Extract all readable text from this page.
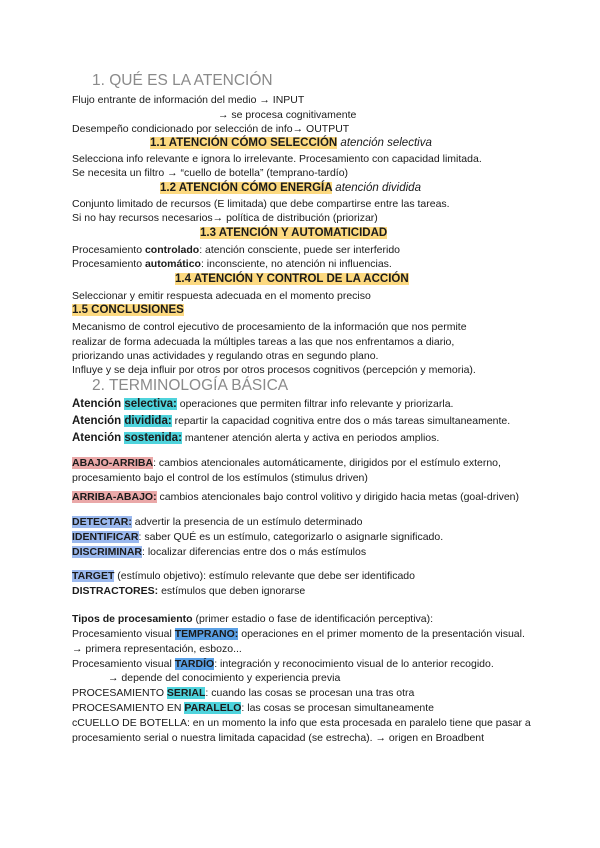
1. QUÉ ES LA ATENCIÓN
Flujo entrante de información del medio → INPUT
→ se procesa cognitivamente
Desempeño condicionado por selección de info→ OUTPUT
1.1 ATENCIÓN CÓMO SELECCIÓN atención selectiva
Selecciona info relevante e ignora lo irrelevante. Procesamiento con capacidad limitada.
Se necesita un filtro → “cuello de botella” (temprano-tardío)
1.2 ATENCIÓN CÓMO ENERGÍA atención dividida
Conjunto limitado de recursos (E limitada) que debe compartirse entre las tareas.
Si no hay recursos necesarios→ política de distribución (priorizar)
1.3 ATENCIÓN Y AUTOMATICIDAD
Procesamiento controlado: atención consciente, puede ser interferido
Procesamiento automático: inconsciente, no atención ni influencias.
1.4 ATENCIÓN Y CONTROL DE LA ACCIÓN
Seleccionar y emitir respuesta adecuada en el momento preciso
1.5 CONCLUSIONES
Mecanismo de control ejecutivo de procesamiento de la información que nos permite
realizar de forma adecuada la múltiples tareas a las que nos enfrentamos a diario,
priorizando unas actividades y regulando otras en segundo plano.
Influye y se deja influir por otros por otros procesos cognitivos (percepción y memoria).
2. TERMINOLOGÍA BÁSICA
Atención selectiva: operaciones que permiten filtrar info relevante y priorizarla.
Atención dividida: repartir la capacidad cognitiva entre dos o más tareas simultaneamente.
Atención sostenida: mantener atención alerta y activa en periodos amplios.
ABAJO-ARRIBA: cambios atencionales automáticamente, dirigidos por el estímulo externo,
procesamiento bajo el control de los estímulos (stimulus driven)
ARRIBA-ABAJO: cambios atencionales bajo control volitivo y dirigido hacia metas (goal-driven)
DETECTAR: advertir la presencia de un estímulo determinado
IDENTIFICAR: saber QUÉ es un estímulo, categorizarlo o asignarle significado.
DISCRIMINAR: localizar diferencias entre dos o más estímulos
TARGET (estímulo objetivo): estímulo relevante que debe ser identificado
DISTRACTORES: estímulos que deben ignorarse
Tipos de procesamiento (primer estadio o fase de identificación perceptiva):
Procesamiento visual TEMPRANO: operaciones en el primer momento de la presentación visual.
→ primera representación, esbozo...
Procesamiento visual TARDÍO: integración y reconocimiento visual de lo anterior recogido.
→ depende del conocimiento y experiencia previa
PROCESAMIENTO SERIAL: cuando las cosas se procesan una tras otra
PROCESAMIENTO EN PARALELO: las cosas se procesan simultaneamente
cCUELLO DE BOTELLA: en un momento la info que esta procesada en paralelo tiene que pasar a
procesamiento serial o nuestra limitada capacidad (se estrecha). → origen en Broadbent
